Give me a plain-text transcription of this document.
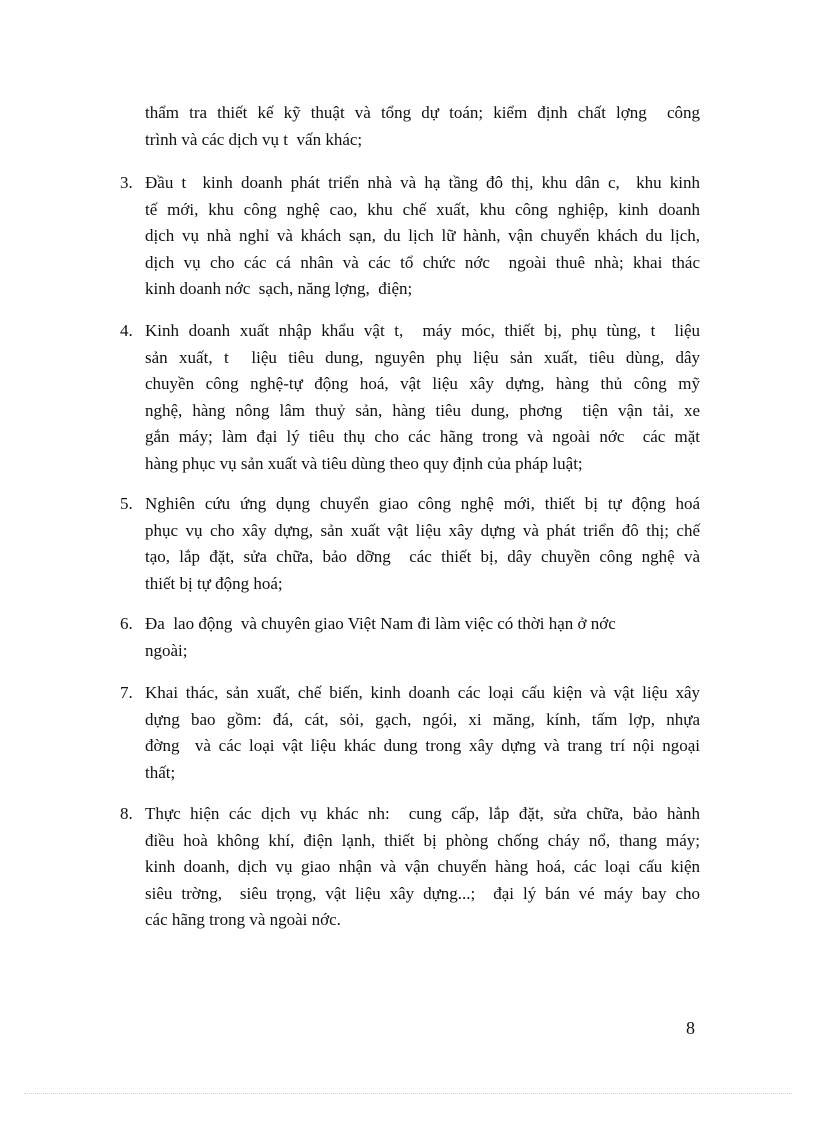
thẩm tra thiết kế kỹ thuật và tổng dự toán; kiểm định chất lợng  công
trình và các dịch vụ t  vấn khác;
3. Đầu t  kinh doanh phát triển nhà và hạ tầng đô thị, khu dân c,  khu kinh
tế mới, khu công nghệ cao, khu chế xuất, khu công nghiệp, kinh doanh
dịch vụ nhà nghỉ và khách sạn, du lịch lữ hành, vận chuyển khách du lịch,
dịch vụ cho các cá nhân và các tổ chức nớc  ngoài thuê nhà; khai thác
kinh doanh nớc  sạch, năng lợng,  điện;
4. Kinh doanh xuất nhập khẩu vật t,  máy móc, thiết bị, phụ tùng, t  liệu
sản xuất, t  liệu tiêu dung, nguyên phụ liệu sản xuất, tiêu dùng, dây
chuyền công nghệ-tự động hoá, vật liệu xây dựng, hàng thủ công mỹ
nghệ, hàng nông lâm thuỷ sản, hàng tiêu dung, phơng  tiện vận tải, xe
gắn máy; làm đại lý tiêu thụ cho các hãng trong và ngoài nớc  các mặt
hàng phục vụ sản xuất và tiêu dùng theo quy định của pháp luật;
5. Nghiên cứu ứng dụng chuyển giao công nghệ mới, thiết bị tự động hoá
phục vụ cho xây dựng, sản xuất vật liệu xây dựng và phát triển đô thị; chế
tạo, lắp đặt, sửa chữa, bảo dỡng  các thiết bị, dây chuyền công nghệ và
thiết bị tự động hoá;
6. Đa  lao động  và chuyên giao Việt Nam đi làm việc có thời hạn ở nớc
ngoài;
7. Khai thác, sản xuất, chế biến, kinh doanh các loại cấu kiện và vật liệu xây
dựng bao gồm: đá, cát, sỏi, gạch, ngói, xi măng, kính, tấm lợp, nhựa
đờng  và các loại vật liệu khác dung trong xây dựng và trang trí nội ngoại
thất;
8. Thực hiện các dịch vụ khác nh:  cung cấp, lắp đặt, sửa chữa, bảo hành
điều hoà không khí, điện lạnh, thiết bị phòng chống cháy nổ, thang máy;
kinh doanh, dịch vụ giao nhận và vận chuyển hàng hoá, các loại cấu kiện
siêu trờng,  siêu trọng, vật liệu xây dựng...;  đại lý bán vé máy bay cho
các hãng trong và ngoài nớc.
8
